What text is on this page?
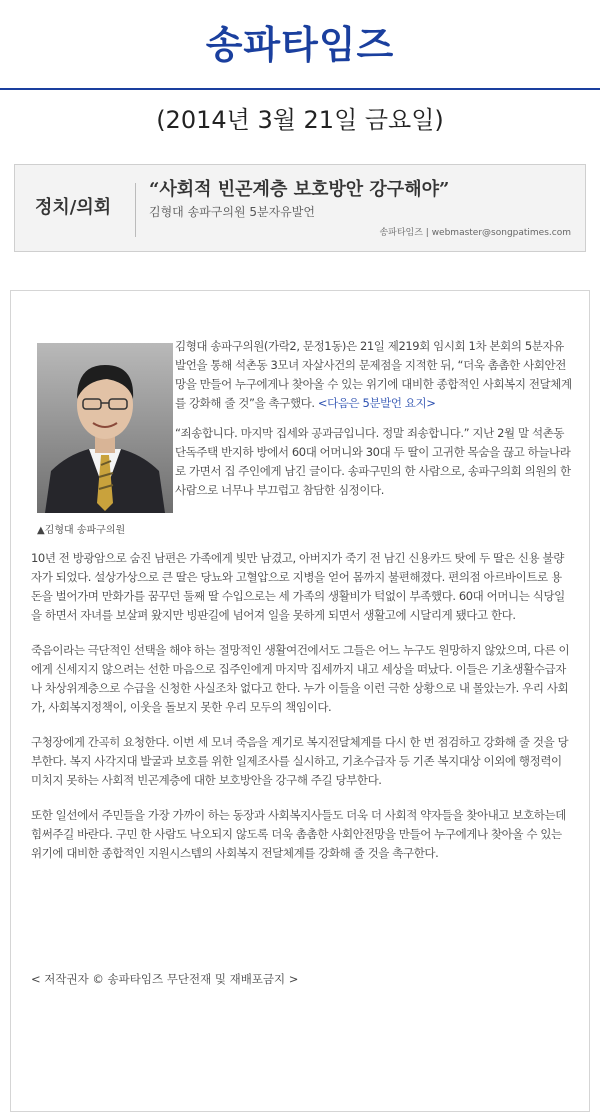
송파타임즈
(2014년 3월 21일 금요일)
정치/의회
“사회적 빈곤계층 보호방안 강구해야”
김형대 송파구의원 5분자유발언
송파타임즈 | webmaster@songpatimes.com
▲김형대 송파구의원

김형대 송파구의원(가락2, 문정1동)은 21일 제219회 임시회 1차 본회의 5분자유발언을 통해 석촌동 3모녀 자살사건의 문제점을 지적한 뒤, “더욱 촘촘한 사회안전망을 만들어 누구에게나 찾아올 수 있는 위기에 대비한 종합적인 사회복지 전달체계를 강화해 줄 것”을 촉구했다. <다음은 5분발언 요지>

“죄송합니다. 마지막 집세와 공과금입니다. 정말 죄송합니다.” 지난 2월 말 석촌동 단독주택 반지하 방에서 60대 어머니와 30대 두 딸이 고귀한 목숨을 끊고 하늘나라로 가면서 집 주인에게 남긴 글이다. 송파구민의 한 사람으로, 송파구의회 의원의 한 사람으로 너무나 부끄럽고 참담한 심정이다.

10년 전 방광암으로 숨진 남편은 가족에게 빚만 남겼고, 아버지가 죽기 전 남긴 신용카드 탓에 두 딸은 신용 불량자가 되었다. 설상가상으로 큰 딸은 당뇨와 고혈압으로 지병을 얻어 몸까지 불편해졌다. 편의점 아르바이트로 용돈을 벌어가며 만화가를 꿈꾸던 둘째 딸 수입으로는 세 가족의 생활비가 턱없이 부족했다. 60대 어머니는 식당일을 하면서 자녀를 보살펴 왔지만 빙판길에 넘어져 일을 못하게 되면서 생활고에 시달리게 됐다고 한다.

죽음이라는 극단적인 선택을 해야 하는 절망적인 생활여건에서도 그들은 어느 누구도 원망하지 않았으며, 다른 이에게 신세지지 않으려는 선한 마음으로 집주인에게 마지막 집세까지 내고 세상을 떠났다. 이들은 기초생활수급자나 차상위계층으로 수급을 신청한 사실조차 없다고 한다. 누가 이들을 이런 극한 상황으로 내 몰았는가. 우리 사회가, 사회복지정책이, 이웃을 돌보지 못한 우리 모두의 책임이다.

구청장에게 간곡히 요청한다. 이번 세 모녀 죽음을 계기로 복지전달체계를 다시 한 번 점검하고 강화해 줄 것을 당부한다. 복지 사각지대 발굴과 보호를 위한 일제조사를 실시하고, 기초수급자 등 기존 복지대상 이외에 행정력이 미치지 못하는 사회적 빈곤계층에 대한 보호방안을 강구해 주길 당부한다.

또한 일선에서 주민들을 가장 가까이 하는 동장과 사회복지사들도 더욱 더 사회적 약자들을 찾아내고 보호하는데 힘써주길 바란다. 구민 한 사람도 낙오되지 않도록 더욱 촘촘한 사회안전망을 만들어 누구에게나 찾아올 수 있는 위기에 대비한 종합적인 지원시스템의 사회복지 전달체계를 강화해 줄 것을 촉구한다.

< 저작권자 © 송파타임즈 무단전재 및 재배포금지 >
